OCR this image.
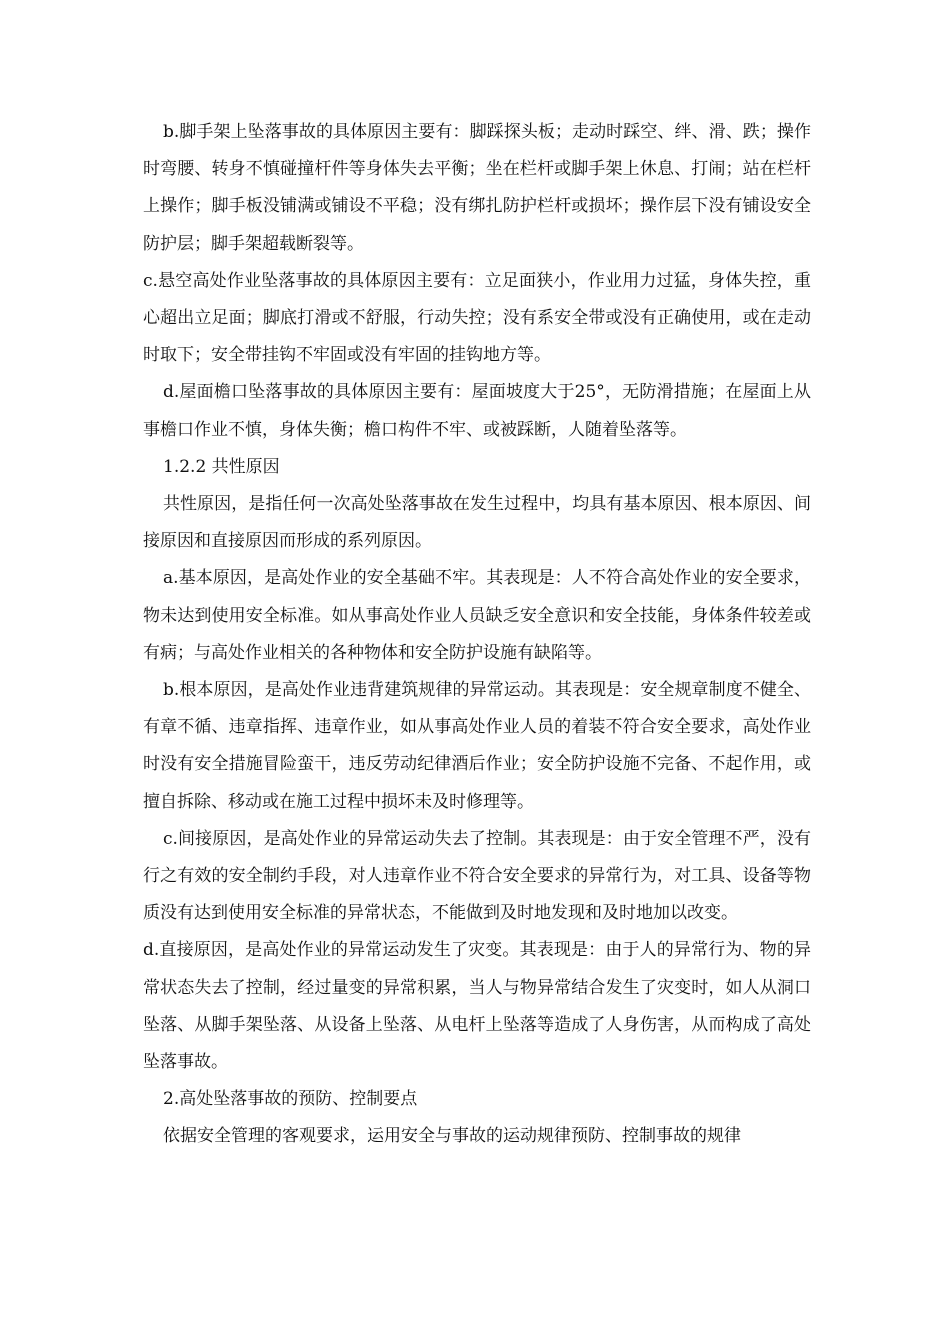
b.脚手架上坠落事故的具体原因主要有：脚踩探头板；走动时踩空、绊、滑、跌；操作时弯腰、转身不慎碰撞杆件等身体失去平衡；坐在栏杆或脚手架上休息、打闹；站在栏杆上操作；脚手板没铺满或铺设不平稳；没有绑扎防护栏杆或损坏；操作层下没有铺设安全防护层；脚手架超载断裂等。

c.悬空高处作业坠落事故的具体原因主要有：立足面狭小，作业用力过猛，身体失控，重心超出立足面；脚底打滑或不舒服，行动失控；没有系安全带或没有正确使用，或在走动时取下；安全带挂钩不牢固或没有牢固的挂钩地方等。

d.屋面檐口坠落事故的具体原因主要有：屋面坡度大于25°，无防滑措施；在屋面上从事檐口作业不慎，身体失衡；檐口构件不牢、或被踩断，人随着坠落等。

1.2.2 共性原因

共性原因，是指任何一次高处坠落事故在发生过程中，均具有基本原因、根本原因、间接原因和直接原因而形成的系列原因。

a.基本原因，是高处作业的安全基础不牢。其表现是：人不符合高处作业的安全要求，物未达到使用安全标准。如从事高处作业人员缺乏安全意识和安全技能，身体条件较差或有病；与高处作业相关的各种物体和安全防护设施有缺陷等。

b.根本原因，是高处作业违背建筑规律的异常运动。其表现是：安全规章制度不健全、有章不循、违章指挥、违章作业，如从事高处作业人员的着装不符合安全要求，高处作业时没有安全措施冒险蛮干，违反劳动纪律酒后作业；安全防护设施不完备、不起作用，或擅自拆除、移动或在施工过程中损坏未及时修理等。

c.间接原因，是高处作业的异常运动失去了控制。其表现是：由于安全管理不严，没有行之有效的安全制约手段，对人违章作业不符合安全要求的异常行为，对工具、设备等物质没有达到使用安全标准的异常状态，不能做到及时地发现和及时地加以改变。

d.直接原因，是高处作业的异常运动发生了灾变。其表现是：由于人的异常行为、物的异常状态失去了控制，经过量变的异常积累，当人与物异常结合发生了灾变时，如人从洞口坠落、从脚手架坠落、从设备上坠落、从电杆上坠落等造成了人身伤害，从而构成了高处坠落事故。

2.高处坠落事故的预防、控制要点

依据安全管理的客观要求，运用安全与事故的运动规律预防、控制事故的规律
